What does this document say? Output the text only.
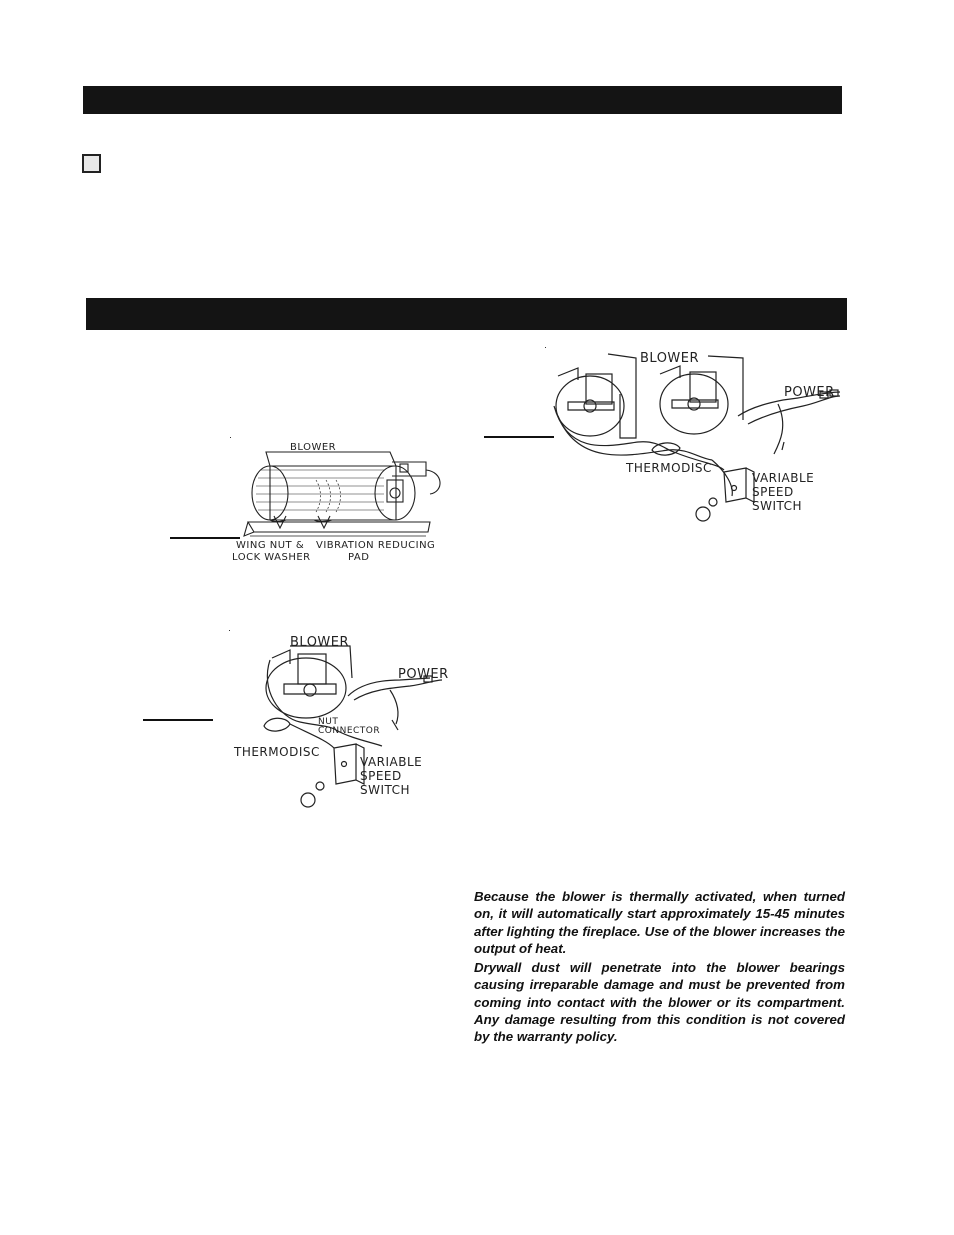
BLOWER
POWER
THERMODISC
VARIABLE
SPEED
SWITCH
BLOWER
WING NUT &
LOCK WASHER
VIBRATION REDUCING
PAD
BLOWER
POWER
NUT
CONNECTOR
THERMODISC
VARIABLE
SPEED
SWITCH

Because the blower is thermally activated, when turned on, it will automatically start approximately 15-45 minutes after lighting the fireplace. Use of the blower increases the output of heat.

Drywall dust will penetrate into the blower bearings causing irreparable damage and must be prevented from coming into contact with the blower or its compartment. Any damage resulting from this condition is not covered by the warranty policy.
